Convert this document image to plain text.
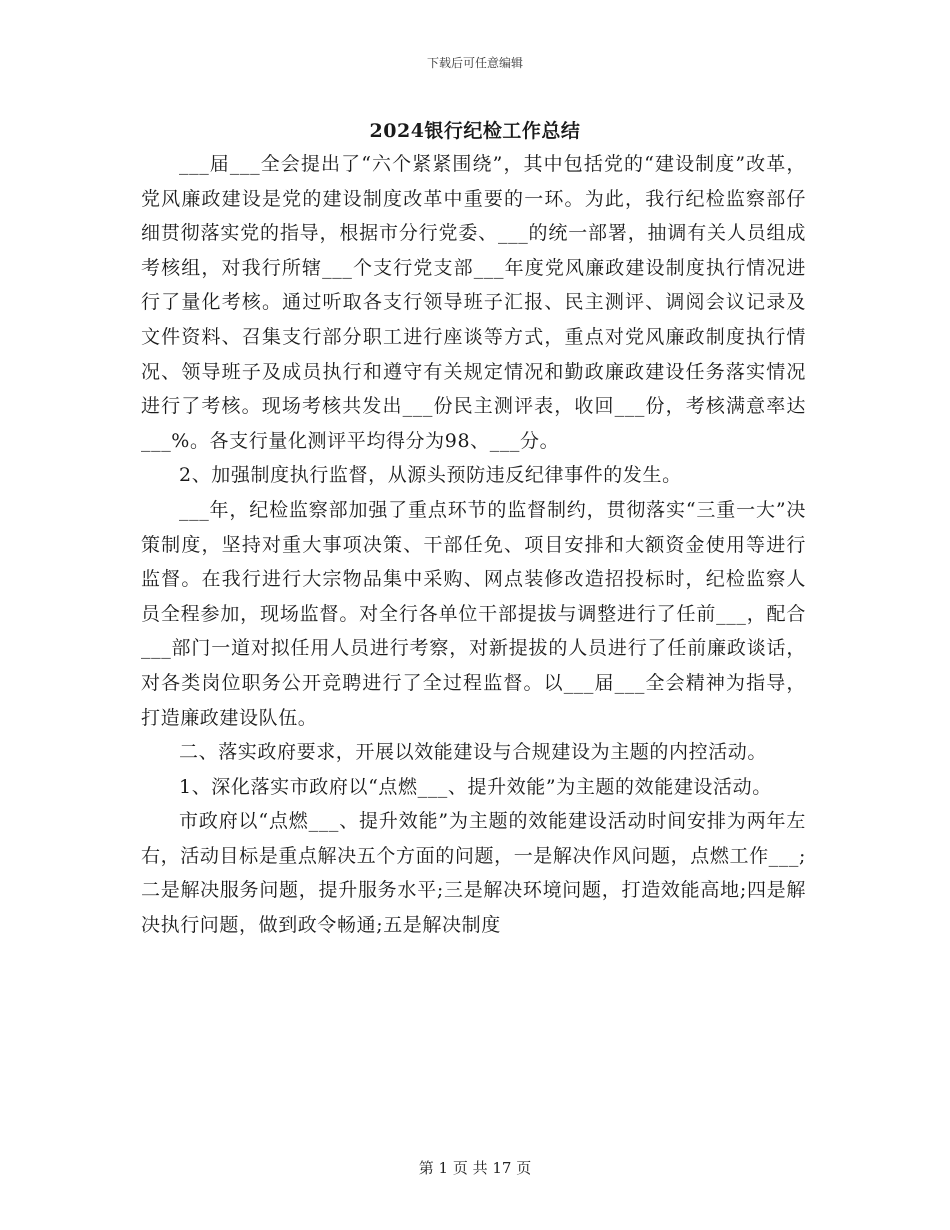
下载后可任意编辑
2024银行纪检工作总结

___届___全会提出了“六个紧紧围绕”，其中包括党的“建设制度”改革，党风廉政建设是党的建设制度改革中重要的一环。为此，我行纪检监察部仔细贯彻落实党的指导，根据市分行党委、___的统一部署，抽调有关人员组成考核组，对我行所辖___个支行党支部___年度党风廉政建设制度执行情况进行了量化考核。通过听取各支行领导班子汇报、民主测评、调阅会议记录及文件资料、召集支行部分职工进行座谈等方式，重点对党风廉政制度执行情况、领导班子及成员执行和遵守有关规定情况和勤政廉政建设任务落实情况进行了考核。现场考核共发出___份民主测评表，收回___份，考核满意率达___%。各支行量化测评平均得分为98、___分。

2、加强制度执行监督，从源头预防违反纪律事件的发生。

___年，纪检监察部加强了重点环节的监督制约，贯彻落实“三重一大”决策制度，坚持对重大事项决策、干部任免、项目安排和大额资金使用等进行监督。在我行进行大宗物品集中采购、网点装修改造招投标时，纪检监察人员全程参加，现场监督。对全行各单位干部提拔与调整进行了任前___，配合___部门一道对拟任用人员进行考察，对新提拔的人员进行了任前廉政谈话，对各类岗位职务公开竞聘进行了全过程监督。以___届___全会精神为指导，打造廉政建设队伍。

二、落实政府要求，开展以效能建设与合规建设为主题的内控活动。

1、深化落实市政府以“点燃___、提升效能”为主题的效能建设活动。

市政府以“点燃___、提升效能”为主题的效能建设活动时间安排为两年左右，活动目标是重点解决五个方面的问题，一是解决作风问题，点燃工作___;二是解决服务问题，提升服务水平;三是解决环境问题，打造效能高地;四是解决执行问题，做到政令畅通;五是解决制度

第 1 页 共 17 页
